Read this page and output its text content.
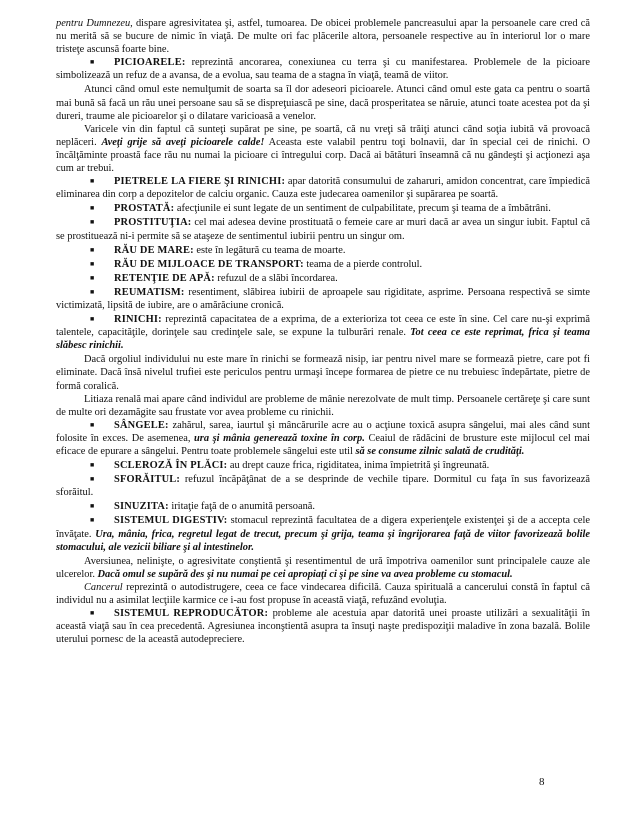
pentru Dumnezeu, dispare agresivitatea şi, astfel, tumoarea. De obicei problemele pancreasului apar la persoanele care cred că nu merită să se bucure de nimic în viaţă. De multe ori fac plăcerile altora, persoanele respective au în interiorul lor o mare tristeţe ascunsă foarte bine.

■ PICIOARELE: reprezintă ancorarea, conexiunea cu terra şi cu manifestarea. Problemele de la picioare simbolizează un refuz de a avansa, de a evolua, sau teama de a stagna în viaţă, teamă de viitor.

Atunci când omul este nemulţumit de soarta sa îl dor adeseori picioarele. Atunci când omul este gata ca pentru o soartă mai bună să facă un rău unei persoane sau să se dispreţuiască pe sine, dacă prosperitatea se năruie, atunci toate acestea pot da şi dureri, traume ale picioarelor şi o dilatare varicioasă a venelor.

Varicele vin din faptul că sunteţi supărat pe sine, pe soartă, că nu vreţi să trăiţi atunci când soţia iubită vă provoacă neplăceri. Aveţi grije să aveţi picioarele calde! Aceasta este valabil pentru toţi bolnavii, dar în special cei de rinichi. O încălţăminte proastă face rău nu numai la picioare ci întregului corp. Dacă ai bătături înseamnă că nu gândeşti şi acţionezi aşa cum ar trebui.

■ PIETRELE LA FIERE ŞI RINICHI: apar datorită consumului de zaharuri, amidon concentrat, care împiedică eliminarea din corp a depozitelor de calciu organic. Cauza este judecarea oamenilor şi supărarea pe soartă.

■ PROSTATĂ: afecţiunile ei sunt legate de un sentiment de culpabilitate, precum şi teama de a îmbătrâni.

■ PROSTITUŢIA: cel mai adesea devine prostituată o femeie care ar muri dacă ar avea un singur iubit. Faptul că se prostituează ni-i permite să se ataşeze de sentimentul iubirii pentru un singur om.

■ RĂU DE MARE: este în legătură cu teama de moarte.

■ RĂU DE MIJLOACE DE TRANSPORT: teama de a pierde controlul.

■ RETENŢIE DE APĂ: refuzul de a slăbi încordarea.

■ REUMATISM: resentiment, slăbirea iubirii de aproapele sau rigiditate, asprime. Persoana respectivă se simte victimizată, lipsită de iubire, are o amărăciune cronică.

■ RINICHI: reprezintă capacitatea de a exprima, de a exterioriza tot ceea ce este în sine. Cel care nu-şi exprimă talentele, capacităţile, dorinţele sau credinţele sale, se expune la tulburări renale. Tot ceea ce este reprimat, frica şi teama slăbesc rinichii.

Dacă orgoliul individului nu este mare în rinichi se formează nisip, iar pentru nivel mare se formează pietre, care pot fi eliminate. Dacă însă nivelul trufiei este periculos pentru urmaşi începe formarea de pietre ce nu trebuiesc îndepărtate, pietre de formă coralică.

Litiaza renală mai apare când individul are probleme de mânie nerezolvate de mult timp. Persoanele certăreţe şi care sunt de multe ori dezamăgite sau frustate vor avea probleme cu rinichii.

■ SÂNGELE: zahărul, sarea, iaurtul şi mâncărurile acre au o acţiune toxică asupra sângelui, mai ales când sunt folosite în exces. De asemenea, ura şi mânia generează toxine în corp. Ceaiul de rădăcini de brusture este mijlocul cel mai eficace de epurare a sângelui. Pentru toate problemele sângelui este util să se consume zilnic salată de crudităţi.

■ SCLEROZĂ ÎN PLĂCI: au drept cauze frica, rigiditatea, inima împietrită şi îngreunată.

■ SFORĂITUL: refuzul încăpăţânat de a se desprinde de vechile tipare. Dormitul cu faţa în sus favorizează sforăitul.

■ SINUZITA: iritaţie faţă de o anumită persoană.

■ SISTEMUL DIGESTIV: stomacul reprezintă facultatea de a digera experienţele existenţei şi de a accepta cele învăţate. Ura, mânia, frica, regretul legat de trecut, precum şi grija, teama şi îngrijorarea faţă de viitor favorizează bolile stomacului, ale vezicii biliare şi al intestinelor.

Aversiunea, nelinişte, o agresivitate conştientă şi resentimentul de ură împotriva oamenilor sunt principalele cauze ale ulcerelor. Dacă omul se supără des şi nu numai pe cei apropiaţi ci şi pe sine va avea probleme cu stomacul.

Cancerul reprezintă o autodistrugere, ceea ce face vindecarea dificilă. Cauza spirituală a cancerului constă în faptul că individul nu a asimilat lecţiile karmice ce i-au fost propuse în această viaţă, refuzând evoluţia.

■ SISTEMUL REPRODUCĂTOR: probleme ale acestuia apar datorită unei proaste utilizări a sexualităţii în această viaţă sau în cea precedentă. Agresiunea inconştientă asupra ta însuţi naşte predispoziţii maladive în zona bazală. Bolile uterului pornesc de la această autodepreciere.

8
